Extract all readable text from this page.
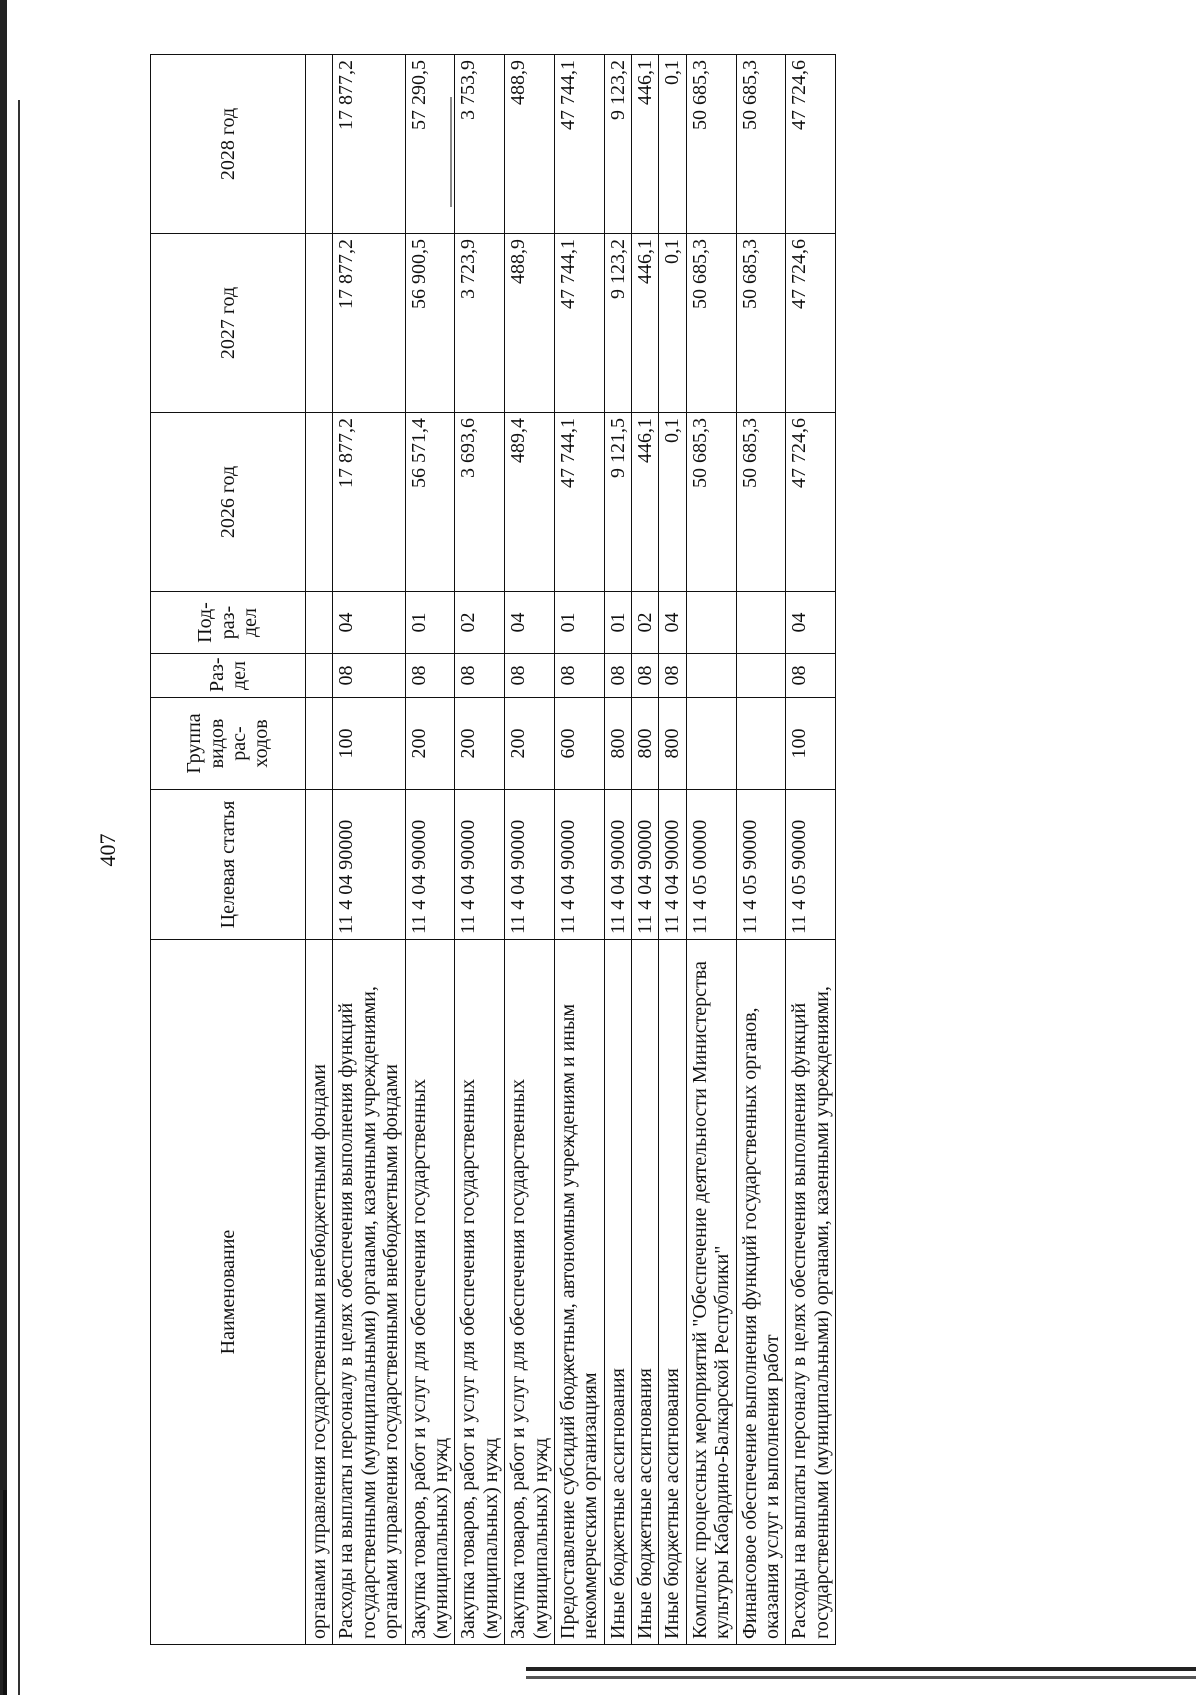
407
Наименование	Целевая статья	Группа видов рас-ходов	Раз-дел	Под-раз-дел	2026 год	2027 год	2028 год
органами управления государственными внебюджетными фондами							
Расходы на выплаты персоналу в целях обеспечения выполнения функций государственными (муниципальными) органами, казенными учреждениями, органами управления государственными внебюджетными фондами	11 4 04 90000	100	08	04	17 877,2	17 877,2	17 877,2
Закупка товаров, работ и услуг для обеспечения государственных (муниципальных) нужд	11 4 04 90000	200	08	01	56 571,4	56 900,5	57 290,5
Закупка товаров, работ и услуг для обеспечения государственных (муниципальных) нужд	11 4 04 90000	200	08	02	3 693,6	3 723,9	3 753,9
Закупка товаров, работ и услуг для обеспечения государственных (муниципальных) нужд	11 4 04 90000	200	08	04	489,4	488,9	488,9
Предоставление субсидий бюджетным, автономным учреждениям и иным некоммерческим организациям	11 4 04 90000	600	08	01	47 744,1	47 744,1	47 744,1
Иные бюджетные ассигнования	11 4 04 90000	800	08	01	9 121,5	9 123,2	9 123,2
Иные бюджетные ассигнования	11 4 04 90000	800	08	02	446,1	446,1	446,1
Иные бюджетные ассигнования	11 4 04 90000	800	08	04	0,1	0,1	0,1
Комплекс процессных мероприятий "Обеспечение деятельности Министерства культуры Кабардино-Балкарской Республики"	11 4 05 00000				50 685,3	50 685,3	50 685,3
Финансовое обеспечение выполнения функций государственных органов, оказания услуг и выполнения работ	11 4 05 90000				50 685,3	50 685,3	50 685,3
Расходы на выплаты персоналу в целях обеспечения выполнения функций государственными (муниципальными) органами, казенными учреждениями,	11 4 05 90000	100	08	04	47 724,6	47 724,6	47 724,6
